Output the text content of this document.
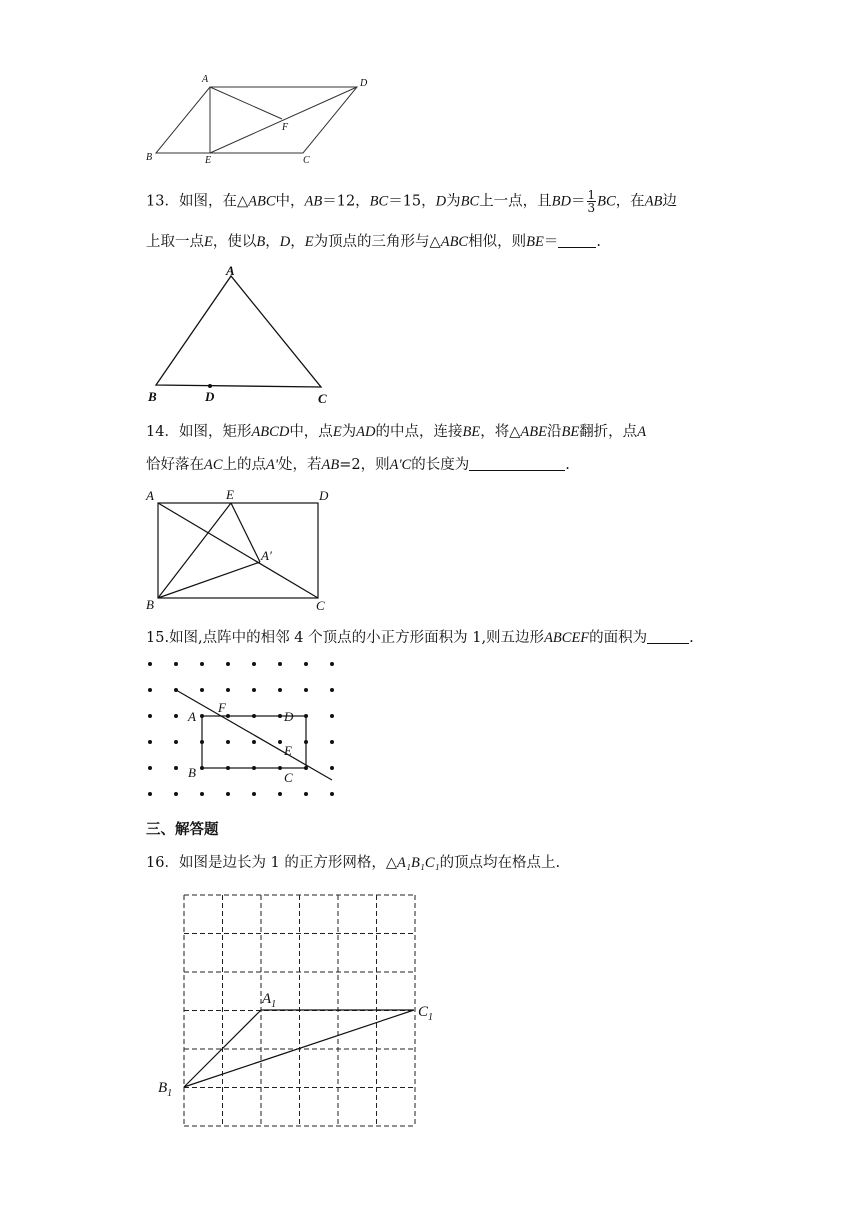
A	D
F
B	E	C
A
B	D	C
A	E	D
A′
B	C
A
F
D
E
B	C
$A_1$
$B_1$
$C_1$
13．如图，在△ABC中，AB＝12，BC＝15，D为BC上一点，且$BD= \frac{1}{3}$ BC，在AB边
上取一点E，使以B，D，E为顶点的三角形与△ABC相似，则BE＝	.
14．如图，矩形ABCD中，点E为AD的中点，连接BE，将△ABE沿BE翻折，点A
恰好落在AC上的点A'处，若AB=2，则A'C的长度为	.
15.如图,点阵中的相邻 4 个顶点的小正方形面积为 1,则五边形ABCEF的面积为	.
三、解答题
16．如图是边长为 1 的正方形网格，△A₁B₁C₁的顶点均在格点上.
